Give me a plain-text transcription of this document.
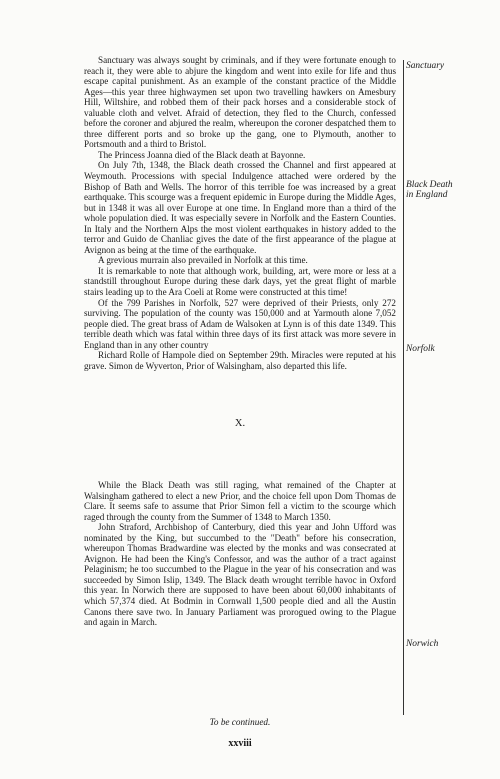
Sanctuary was always sought by criminals, and if they were fortunate enough to reach it, they were able to abjure the kingdom and went into exile for life and thus escape capital punishment. As an example of the constant practice of the Middle Ages—this year three highwaymen set upon two travelling hawkers on Amesbury Hill, Wiltshire, and robbed them of their pack horses and a considerable stock of valuable cloth and velvet. Afraid of detection, they fled to the Church, confessed before the coroner and abjured the realm, whereupon the coroner despatched them to three different ports and so broke up the gang, one to Plymouth, another to Portsmouth and a third to Bristol.

The Princess Joanna died of the Black death at Bayonne.

On July 7th, 1348, the Black death crossed the Channel and first appeared at Weymouth. Processions with special Indulgence attached were ordered by the Bishop of Bath and Wells. The horror of this terrible foe was increased by a great earthquake. This scourge was a frequent epidemic in Europe during the Middle Ages, but in 1348 it was all over Europe at one time. In England more than a third of the whole population died. It was especially severe in Norfolk and the Eastern Counties. In Italy and the Northern Alps the most violent earthquakes in history added to the terror and Guido de Chanliac gives the date of the first appearance of the plague at Avignon as being at the time of the earthquake.

A grevious murrain also prevailed in Norfolk at this time.

It is remarkable to note that although work, building, art, were more or less at a standstill throughout Europe during these dark days, yet the great flight of marble stairs leading up to the Ara Coeli at Rome were constructed at this time!

Of the 799 Parishes in Norfolk, 527 were deprived of their Priests, only 272 surviving. The population of the county was 150,000 and at Yarmouth alone 7,052 people died. The great brass of Adam de Walsoken at Lynn is of this date 1349. This terrible death which was fatal within three days of its first attack was more severe in England than in any other country

Richard Rolle of Hampole died on September 29th. Miracles were reputed at his grave. Simon de Wyverton, Prior of Walsingham, also departed this life.

X.

While the Black Death was still raging, what remained of the Chapter at Walsingham gathered to elect a new Prior, and the choice fell upon Dom Thomas de Clare. It seems safe to assume that Prior Simon fell a victim to the scourge which raged through the county from the Summer of 1348 to March 1350.

John Straford, Archbishop of Canterbury, died this year and John Ufford was nominated by the King, but succumbed to the "Death" before his consecration, whereupon Thomas Bradwardine was elected by the monks and was consecrated at Avignon. He had been the King's Confessor, and was the author of a tract against Pelaginism; he too succumbed to the Plague in the year of his consecration and was succeeded by Simon Islip, 1349. The Black death wrought terrible havoc in Oxford this year. In Norwich there are supposed to have been about 60,000 inhabitants of which 57,374 died. At Bodmin in Cornwall 1,500 people died and all the Austin Canons there save two. In January Parliament was prorogued owing to the Plague and again in March.

Sanctuary
Black Death
in England
Norfolk
Norwich
To be continued.
xxviii
